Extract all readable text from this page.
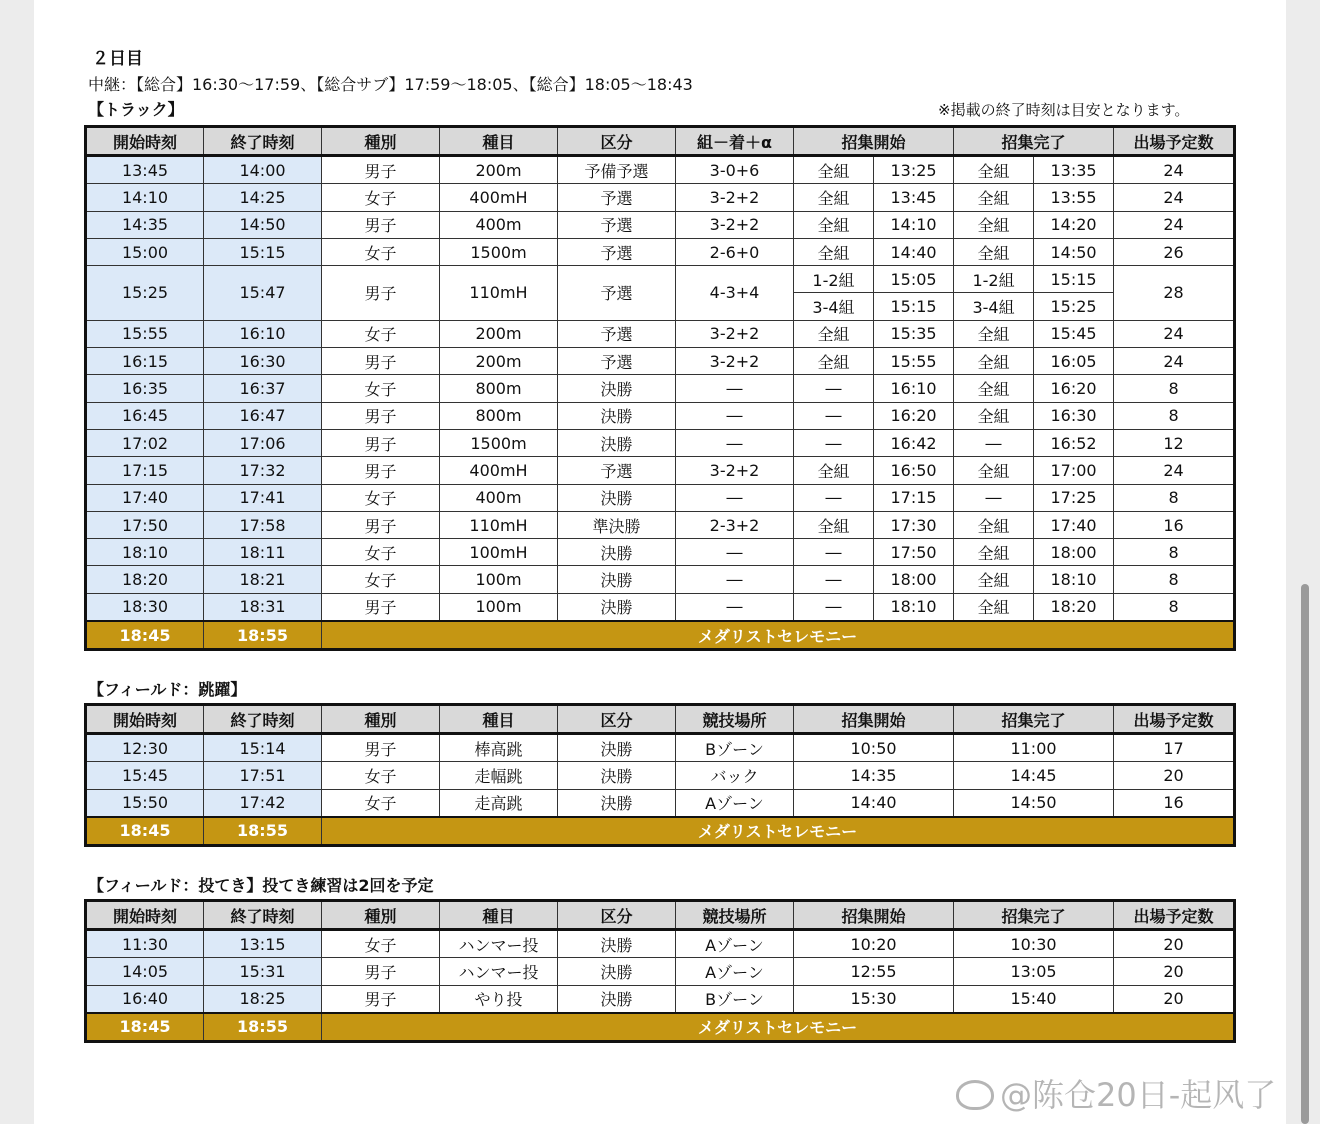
２日目
中継：【総合】16:30～17:59、【総合サブ】17:59～18:05、【総合】18:05～18:43
【トラック】	※掲載の終了時刻は目安となります。
開始時刻	終了時刻	種別	種目	区分	組－着＋α	招集開始		招集完了		出場予定数
13:45	14:00	男子	200m	予備予選	3-0+6	全組	13:25	全組	13:35	24
14:10	14:25	女子	400mH	予選	3-2+2	全組	13:45	全組	13:55	24
14:35	14:50	男子	400m	予選	3-2+2	全組	14:10	全組	14:20	24
15:00	15:15	女子	1500m	予選	2-6+0	全組	14:40	全組	14:50	26
15:25	15:47	男子	110mH	予選	4-3+4	1-2組	15:05	1-2組	15:15	28
						3-4組	15:15	3-4組	15:25	
15:55	16:10	女子	200m	予選	3-2+2	全組	15:35	全組	15:45	24
16:15	16:30	男子	200m	予選	3-2+2	全組	15:55	全組	16:05	24
16:35	16:37	女子	800m	決勝	―	―	16:10	全組	16:20	8
16:45	16:47	男子	800m	決勝	―	―	16:20	全組	16:30	8
17:02	17:06	男子	1500m	決勝	―	―	16:42	―	16:52	12
17:15	17:32	男子	400mH	予選	3-2+2	全組	16:50	全組	17:00	24
17:40	17:41	女子	400m	決勝	―	―	17:15	―	17:25	8
17:50	17:58	男子	110mH	準決勝	2-3+2	全組	17:30	全組	17:40	16
18:10	18:11	女子	100mH	決勝	―	―	17:50	全組	18:00	8
18:20	18:21	女子	100m	決勝	―	―	18:00	全組	18:10	8
18:30	18:31	男子	100m	決勝	―	―	18:10	全組	18:20	8
18:45	18:55	メダリストセレモニー								
【フィールド：跳躍】
開始時刻	終了時刻	種別	種目	区分	競技場所	招集開始	招集完了	出場予定数
12:30	15:14	男子	棒高跳	決勝	Bゾーン	10:50	11:00	17
15:45	17:51	女子	走幅跳	決勝	バック	14:35	14:45	20
15:50	17:42	女子	走高跳	決勝	Aゾーン	14:40	14:50	16
18:45	18:55	メダリストセレモニー						
【フィールド：投てき】投てき練習は2回を予定
開始時刻	終了時刻	種別	種目	区分	競技場所	招集開始	招集完了	出場予定数
11:30	13:15	女子	ハンマー投	決勝	Aゾーン	10:20	10:30	20
14:05	15:31	男子	ハンマー投	決勝	Aゾーン	12:55	13:05	20
16:40	18:25	男子	やり投	決勝	Bゾーン	15:30	15:40	20
18:45	18:55	メダリストセレモニー						
@陈仓20日-起风了
